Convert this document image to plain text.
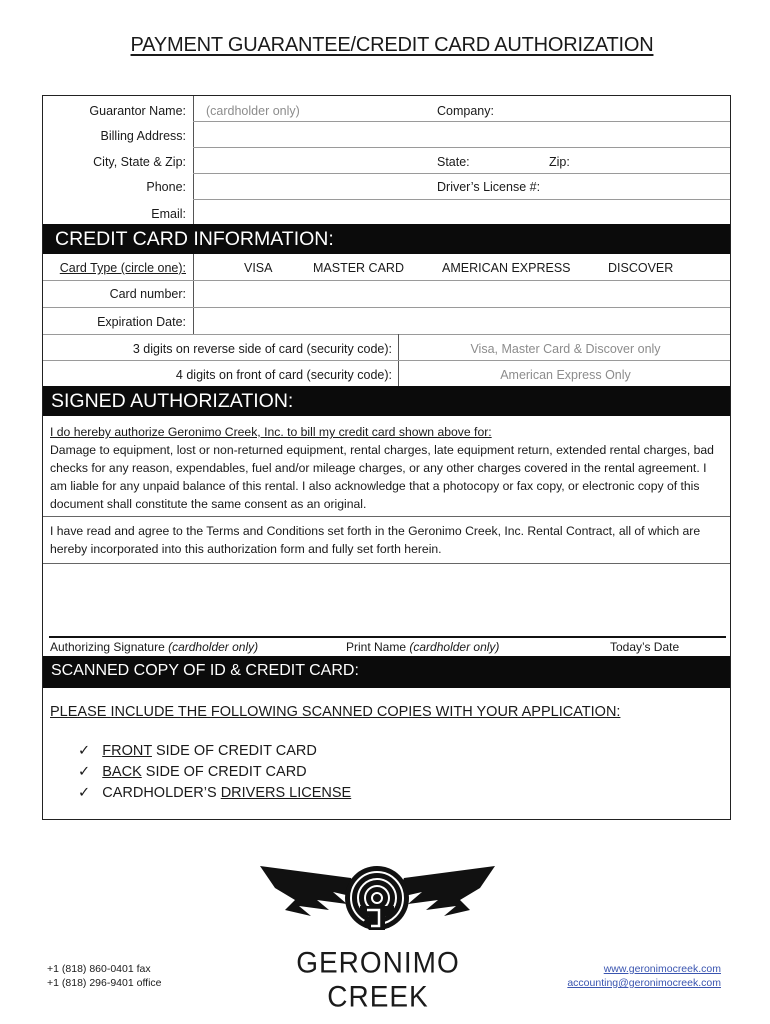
PAYMENT GUARANTEE/CREDIT CARD AUTHORIZATION
Guarantor Name: (cardholder only)	Company:
Billing Address:
City, State & Zip:	State:	Zip:
Phone:	Driver’s License #:
Email:
CREDIT CARD INFORMATION:
Card Type (circle one):	VISA	MASTER CARD	AMERICAN EXPRESS	DISCOVER
Card number:
Expiration Date:
3 digits on reverse side of card (security code):	Visa, Master Card & Discover only
4 digits on front of card (security code):	American Express Only
SIGNED AUTHORIZATION:
I do hereby authorize Geronimo Creek, Inc. to bill my credit card shown above for:
Damage to equipment, lost or non-returned equipment, rental charges, late equipment return, extended rental charges, bad checks for any reason, expendables, fuel and/or mileage charges, or any other charges covered in the rental agreement. I am liable for any unpaid balance of this rental. I also acknowledge that a photocopy or fax copy, or electronic copy of this document shall constitute the same consent as an original.
I have read and agree to the Terms and Conditions set forth in the Geronimo Creek, Inc. Rental Contract, all of which are hereby incorporated into this authorization form and fully set forth herein.
Authorizing Signature (cardholder only)	Print Name (cardholder only)	Today’s Date
SCANNED COPY OF ID & CREDIT CARD:
PLEASE INCLUDE THE FOLLOWING SCANNED COPIES WITH YOUR APPLICATION:
✓ FRONT SIDE OF CREDIT CARD
✓ BACK SIDE OF CREDIT CARD
✓ CARDHOLDER’S DRIVERS LICENSE
GERONIMO CREEK
+1 (818) 860-0401 fax
+1 (818) 296-9401 office
www.geronimocreek.com
accounting@geronimocreek.com
